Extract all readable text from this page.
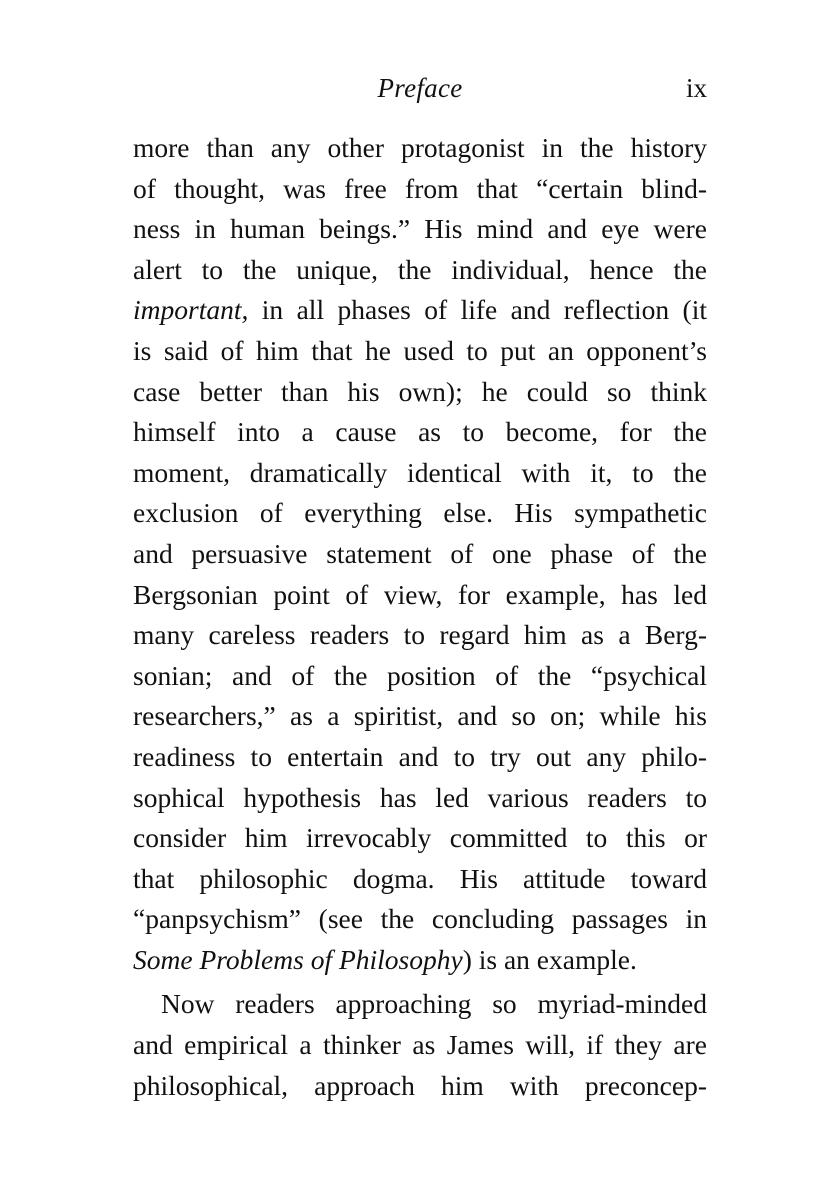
Preface	ix
more than any other protagonist in the history
of thought, was free from that “certain blind-
ness in human beings.” His mind and eye were
alert to the unique, the individual, hence the
important, in all phases of life and reflection (it
is said of him that he used to put an opponent’s
case better than his own); he could so think
himself into a cause as to become, for the
moment, dramatically identical with it, to the
exclusion of everything else. His sympathetic
and persuasive statement of one phase of the
Bergsonian point of view, for example, has led
many careless readers to regard him as a Berg-
sonian; and of the position of the “psychical
researchers,” as a spiritist, and so on; while his
readiness to entertain and to try out any philo-
sophical hypothesis has led various readers to
consider him irrevocably committed to this or
that philosophic dogma. His attitude toward
“panpsychism” (see the concluding passages in
Some Problems of Philosophy) is an example.
Now readers approaching so myriad-minded
and empirical a thinker as James will, if they are
philosophical, approach him with preconcep-
